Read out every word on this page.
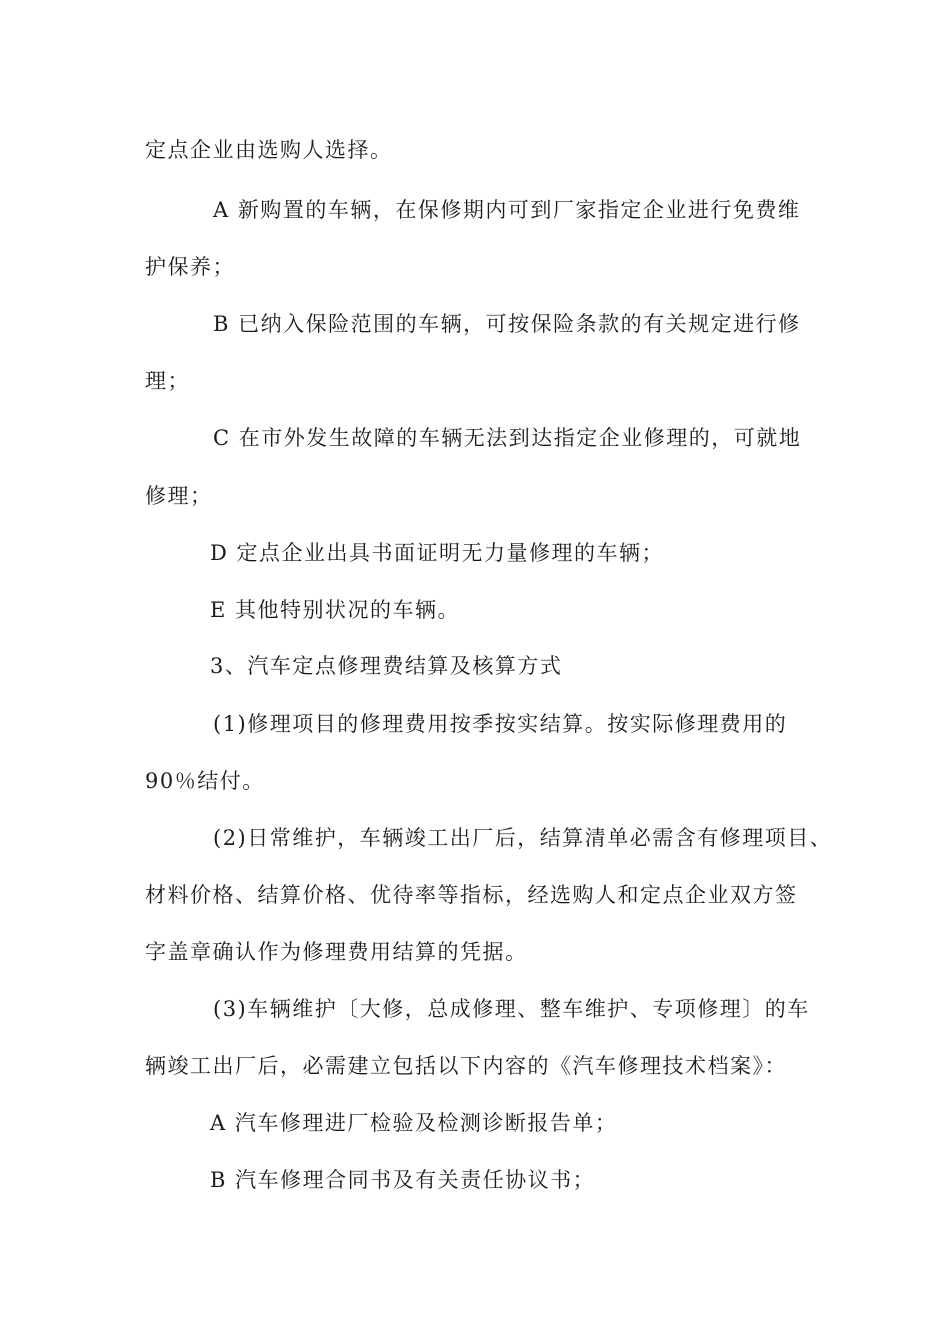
定点企业由选购人选择。
A 新购置的车辆，在保修期内可到厂家指定企业进行免费维
护保养；
B 已纳入保险范围的车辆，可按保险条款的有关规定进行修
理；
C 在市外发生故障的车辆无法到达指定企业修理的，可就地
修理；
D 定点企业出具书面证明无力量修理的车辆；
E 其他特别状况的车辆。
3、汽车定点修理费结算及核算方式
(1)修理项目的修理费用按季按实结算。按实际修理费用的
90％结付。
(2)日常维护，车辆竣工出厂后，结算清单必需含有修理项目、
材料价格、结算价格、优待率等指标，经选购人和定点企业双方签
字盖章确认作为修理费用结算的凭据。
(3)车辆维护〔大修，总成修理、整车维护、专项修理〕的车
辆竣工出厂后，必需建立包括以下内容的《汽车修理技术档案》：
A 汽车修理进厂检验及检测诊断报告单；
B 汽车修理合同书及有关责任协议书；
